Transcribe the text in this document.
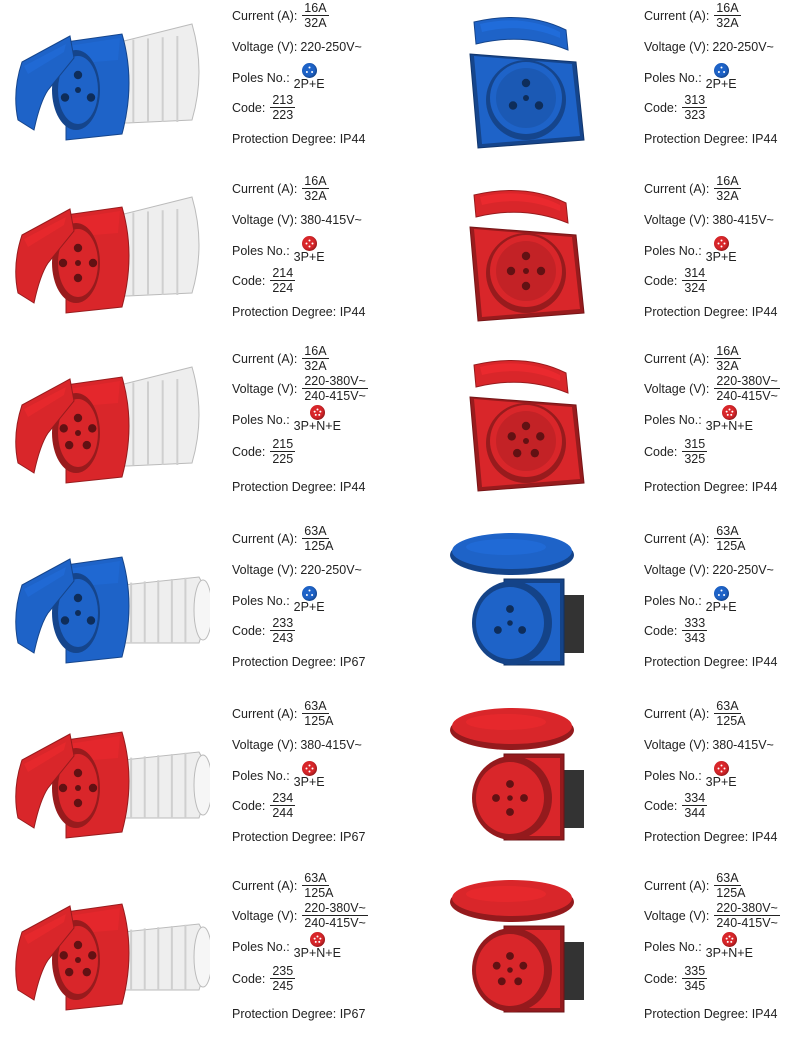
Current (A): $\frac{16A}{32A}$
Voltage (V): 220-250V~
Poles No.: 2P+E
Code: $\frac{213}{223}$
Protection Degree: IP44
Current (A): $\frac{16A}{32A}$
Voltage (V): 220-250V~
Poles No.: 2P+E
Code: $\frac{313}{323}$
Protection Degree: IP44
Current (A): $\frac{16A}{32A}$
Voltage (V): 380-415V~
Poles No.: 3P+E
Code: $\frac{214}{224}$
Protection Degree: IP44
Current (A): $\frac{16A}{32A}$
Voltage (V): 380-415V~
Poles No.: 3P+E
Code: $\frac{314}{324}$
Protection Degree: IP44
Current (A): $\frac{16A}{32A}$
Voltage (V): $\frac{220-380V\sim}{240-415V\sim}$
Poles No.: 3P+N+E
Code: $\frac{215}{225}$
Protection Degree: IP44
Current (A): $\frac{16A}{32A}$
Voltage (V): $\frac{220-380V\sim}{240-415V\sim}$
Poles No.: 3P+N+E
Code: $\frac{315}{325}$
Protection Degree: IP44
Current (A): $\frac{63A}{125A}$
Voltage (V): 220-250V~
Poles No.: 2P+E
Code: $\frac{233}{243}$
Protection Degree: IP67
Current (A): $\frac{63A}{125A}$
Voltage (V): 220-250V~
Poles No.: 2P+E
Code: $\frac{333}{343}$
Protection Degree: IP44
Current (A): $\frac{63A}{125A}$
Voltage (V): 380-415V~
Poles No.: 3P+E
Code: $\frac{234}{244}$
Protection Degree: IP67
Current (A): $\frac{63A}{125A}$
Voltage (V): 380-415V~
Poles No.: 3P+E
Code: $\frac{334}{344}$
Protection Degree: IP44
Current (A): $\frac{63A}{125A}$
Voltage (V): $\frac{220-380V\sim}{240-415V\sim}$
Poles No.: 3P+N+E
Code: $\frac{235}{245}$
Protection Degree: IP67
Current (A): $\frac{63A}{125A}$
Voltage (V): $\frac{220-380V\sim}{240-415V\sim}$
Poles No.: 3P+N+E
Code: $\frac{335}{345}$
Protection Degree: IP44
